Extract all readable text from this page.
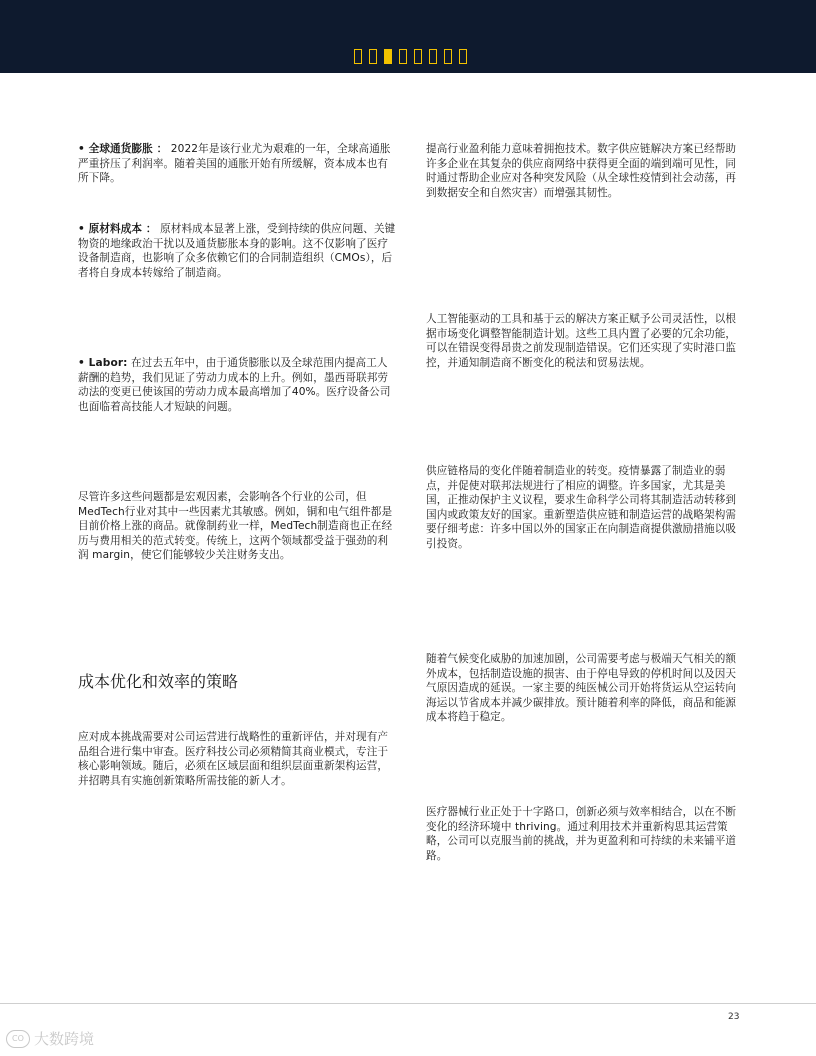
• 全球通货膨胀 ： 2022年是该行业尤为艰难的一年，全球高通胀严重挤压了利润率。随着美国的通胀开始有所缓解，资本成本也有所下降。

• 原材料成本 ： 原材料成本显著上涨，受到持续的供应问题、关键物资的地缘政治干扰以及通货膨胀本身的影响。这不仅影响了医疗设备制造商，也影响了众多依赖它们的合同制造组织（CMOs），后者将自身成本转嫁给了制造商。

• Labor: 在过去五年中，由于通货膨胀以及全球范围内提高工人薪酬的趋势，我们见证了劳动力成本的上升。例如，墨西哥联邦劳动法的变更已使该国的劳动力成本最高增加了40%。医疗设备公司也面临着高技能人才短缺的问题。

尽管许多这些问题都是宏观因素，会影响各个行业的公司，但MedTech行业对其中一些因素尤其敏感。例如，铜和电气组件都是目前价格上涨的商品。就像制药业一样，MedTech制造商也正在经历与费用相关的范式转变。传统上，这两个领域都受益于强劲的利润 margin，使它们能够较少关注财务支出。

成本优化和效率的策略

应对成本挑战需要对公司运营进行战略性的重新评估，并对现有产品组合进行集中审查。医疗科技公司必须精简其商业模式，专注于核心影响领域。随后，必须在区域层面和组织层面重新架构运营，并招聘具有实施创新策略所需技能的新人才。

提高行业盈利能力意味着拥抱技术。数字供应链解决方案已经帮助许多企业在其复杂的供应商网络中获得更全面的端到端可见性，同时通过帮助企业应对各种突发风险（从全球性疫情到社会动荡，再到数据安全和自然灾害）而增强其韧性。

人工智能驱动的工具和基于云的解决方案正赋予公司灵活性，以根据市场变化调整智能制造计划。这些工具内置了必要的冗余功能，可以在错误变得昂贵之前发现制造错误。它们还实现了实时港口监控，并通知制造商不断变化的税法和贸易法规。

供应链格局的变化伴随着制造业的转变。疫情暴露了制造业的弱点，并促使对联邦法规进行了相应的调整。许多国家，尤其是美国，正推动保护主义议程，要求生命科学公司将其制造活动转移到国内或政策友好的国家。重新塑造供应链和制造运营的战略架构需要仔细考虑：许多中国以外的国家正在向制造商提供激励措施以吸引投资。

随着气候变化威胁的加速加剧，公司需要考虑与极端天气相关的额外成本，包括制造设施的损害、由于停电导致的停机时间以及因天气原因造成的延误。一家主要的纯医械公司开始将货运从空运转向海运以节省成本并减少碳排放。预计随着利率的降低，商品和能源成本将趋于稳定。

医疗器械行业正处于十字路口，创新必须与效率相结合，以在不断变化的经济环境中 thriving。通过利用技术并重新构思其运营策略，公司可以克服当前的挑战，并为更盈利和可持续的未来铺平道路。

23
CO 大数跨境
